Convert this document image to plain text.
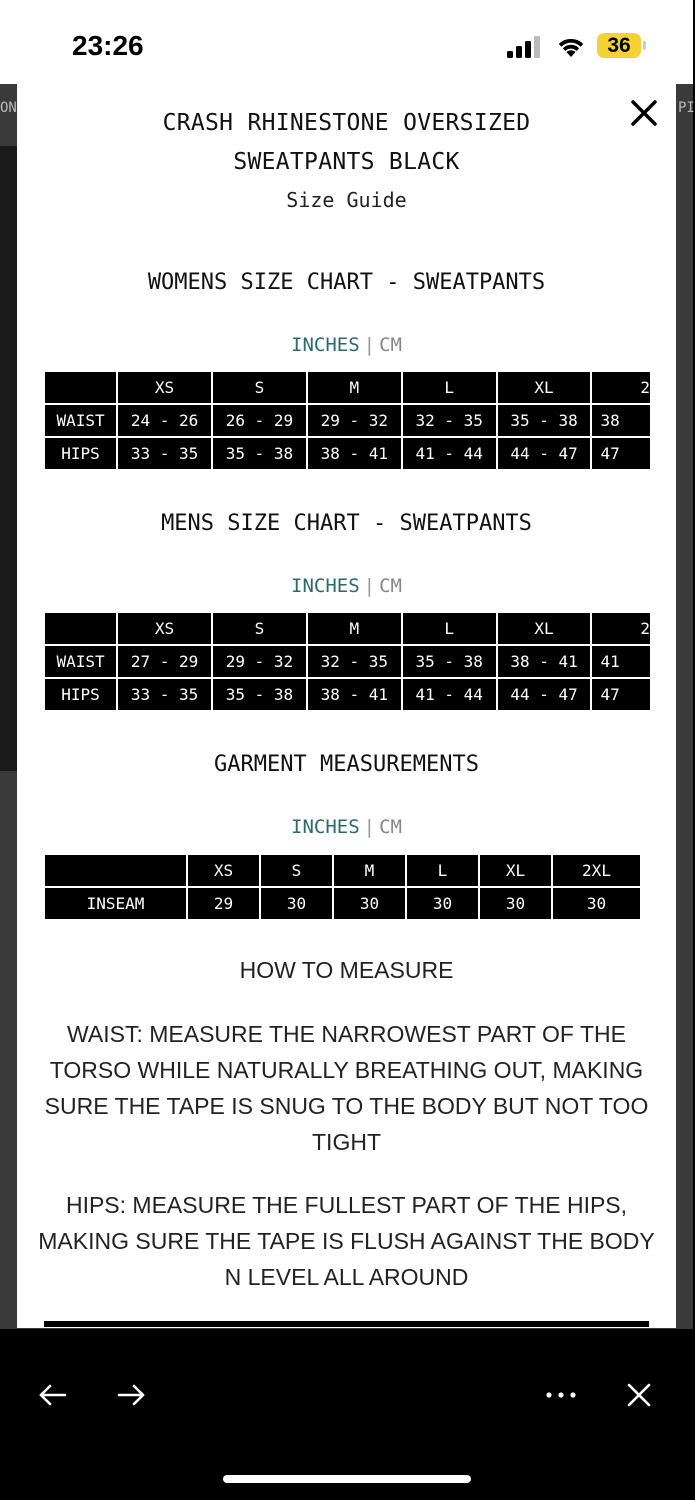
23:26	36
ON	PI
CRASH RHINESTONE OVERSIZED
SWEATPANTS BLACK
Size Guide
WOMENS SIZE CHART - SWEATPANTS
INCHES | CM
	XS	S	M	L	XL	2
WAIST	24 - 26	26 - 29	29 - 32	32 - 35	35 - 38	38
HIPS	33 - 35	35 - 38	38 - 41	41 - 44	44 - 47	47
MENS SIZE CHART - SWEATPANTS
INCHES | CM
	XS	S	M	L	XL	2
WAIST	27 - 29	29 - 32	32 - 35	35 - 38	38 - 41	41
HIPS	33 - 35	35 - 38	38 - 41	41 - 44	44 - 47	47
GARMENT MEASUREMENTS
INCHES | CM
	XS	S	M	L	XL	2XL
INSEAM	29	30	30	30	30	30
HOW TO MEASURE
WAIST: MEASURE THE NARROWEST PART OF THE TORSO WHILE NATURALLY BREATHING OUT, MAKING SURE THE TAPE IS SNUG TO THE BODY BUT NOT TOO TIGHT
HIPS: MEASURE THE FULLEST PART OF THE HIPS, MAKING SURE THE TAPE IS FLUSH AGAINST THE BODY N LEVEL ALL AROUND
